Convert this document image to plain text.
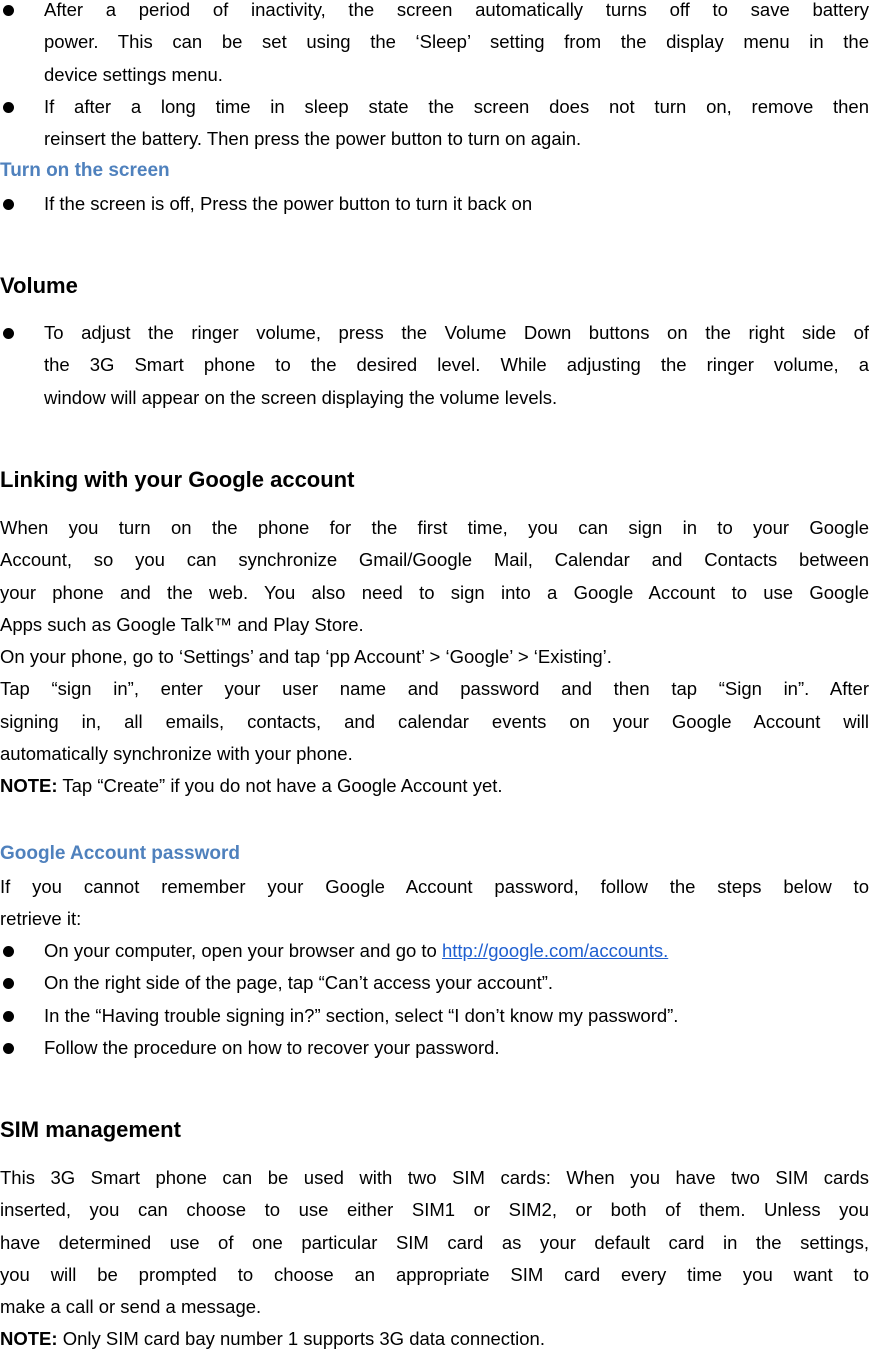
After a period of inactivity, the screen automatically turns off to save battery
power. This can be set using the ‘Sleep’ setting from the display menu in the
device settings menu.
If after a long time in sleep state the screen does not turn on, remove then
reinsert the battery. Then press the power button to turn on again.
Turn on the screen
If the screen is off, Press the power button to turn it back on
Volume
To adjust the ringer volume, press the Volume Down buttons on the right side of
the 3G Smart phone to the desired level. While adjusting the ringer volume, a
window will appear on the screen displaying the volume levels.
Linking with your Google account
When you turn on the phone for the first time, you can sign in to your Google
Account, so you can synchronize Gmail/Google Mail, Calendar and Contacts between
your phone and the web. You also need to sign into a Google Account to use Google
Apps such as Google Talk™ and Play Store.
On your phone, go to ‘Settings’ and tap ‘pp Account’ > ‘Google’ > ‘Existing’.
Tap “sign in”, enter your user name and password and then tap “Sign in”. After
signing in, all emails, contacts, and calendar events on your Google Account will
automatically synchronize with your phone.
NOTE: Tap “Create” if you do not have a Google Account yet.
Google Account password
If you cannot remember your Google Account password, follow the steps below to
retrieve it:
On your computer, open your browser and go to http://google.com/accounts.
On the right side of the page, tap “Can’t access your account”.
In the “Having trouble signing in?” section, select “I don’t know my password”.
Follow the procedure on how to recover your password.
SIM management
This 3G Smart phone can be used with two SIM cards: When you have two SIM cards
inserted, you can choose to use either SIM1 or SIM2, or both of them. Unless you
have determined use of one particular SIM card as your default card in the settings,
you will be prompted to choose an appropriate SIM card every time you want to
make a call or send a message.
NOTE: Only SIM card bay number 1 supports 3G data connection.
